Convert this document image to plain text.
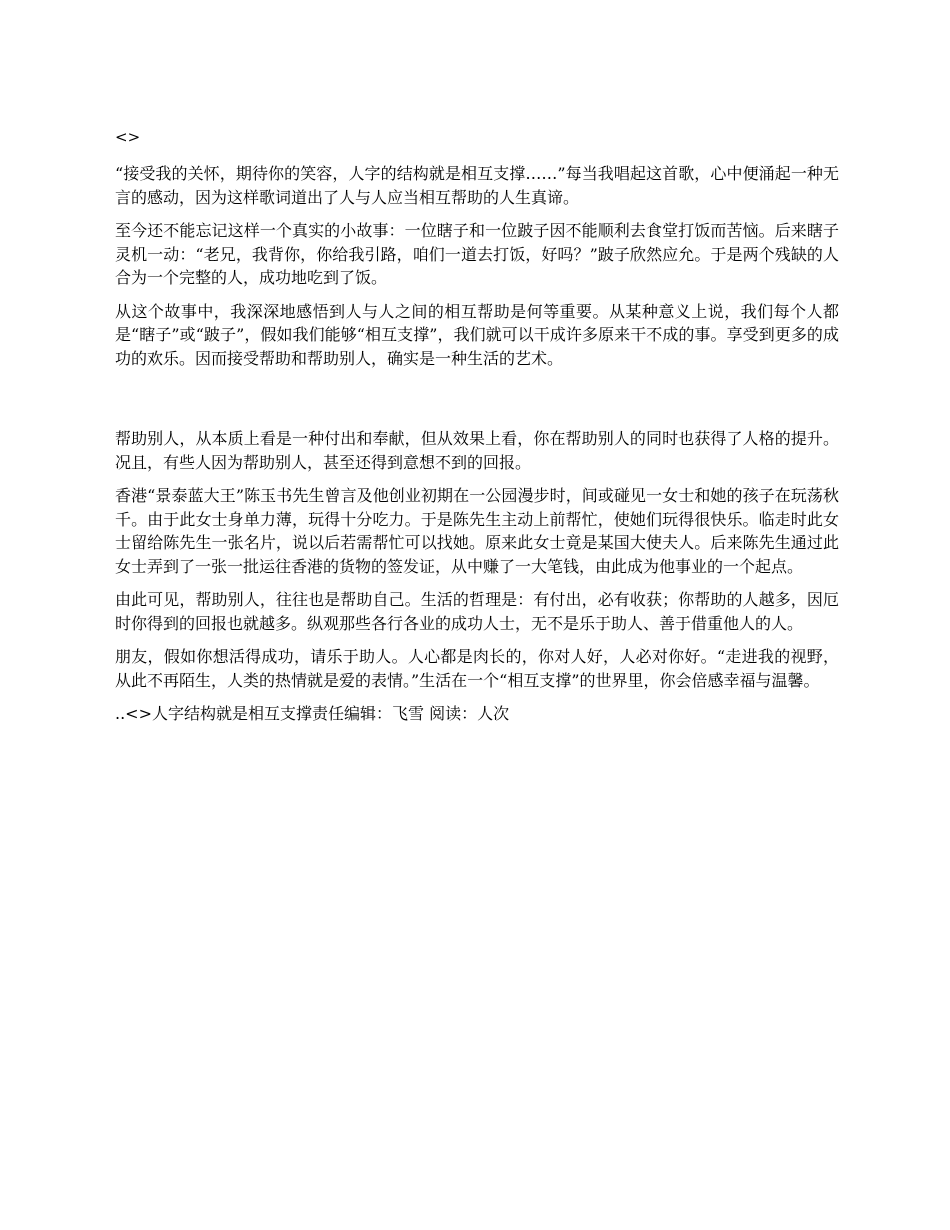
<>

“接受我的关怀，期待你的笑容，人字的结构就是相互支撑……”每当我唱起这首歌，心中便涌起一种无言的感动，因为这样歌词道出了人与人应当相互帮助的人生真谛。

至今还不能忘记这样一个真实的小故事：一位瞎子和一位跛子因不能顺利去食堂打饭而苦恼。后来瞎子灵机一动：“老兄，我背你，你给我引路，咱们一道去打饭，好吗？”跛子欣然应允。于是两个残缺的人合为一个完整的人，成功地吃到了饭。

从这个故事中，我深深地感悟到人与人之间的相互帮助是何等重要。从某种意义上说，我们每个人都是“瞎子”或“跛子”，假如我们能够“相互支撑”，我们就可以干成许多原来干不成的事。享受到更多的成功的欢乐。因而接受帮助和帮助别人，确实是一种生活的艺术。

帮助别人，从本质上看是一种付出和奉献，但从效果上看，你在帮助别人的同时也获得了人格的提升。况且，有些人因为帮助别人，甚至还得到意想不到的回报。

香港“景泰蓝大王”陈玉书先生曾言及他创业初期在一公园漫步时，间或碰见一女士和她的孩子在玩荡秋千。由于此女士身单力薄，玩得十分吃力。于是陈先生主动上前帮忙，使她们玩得很快乐。临走时此女士留给陈先生一张名片，说以后若需帮忙可以找她。原来此女士竟是某国大使夫人。后来陈先生通过此女士弄到了一张一批运往香港的货物的签发证，从中赚了一大笔钱，由此成为他事业的一个起点。

由此可见，帮助别人，往往也是帮助自己。生活的哲理是：有付出，必有收获；你帮助的人越多，因厄时你得到的回报也就越多。纵观那些各行各业的成功人士，无不是乐于助人、善于借重他人的人。

朋友，假如你想活得成功，请乐于助人。人心都是肉长的，你对人好，人必对你好。“走进我的视野，从此不再陌生，人类的热情就是爱的表情。”生活在一个“相互支撑”的世界里，你会倍感幸福与温馨。

..<>人字结构就是相互支撑责任编辑：飞雪 阅读：人次
